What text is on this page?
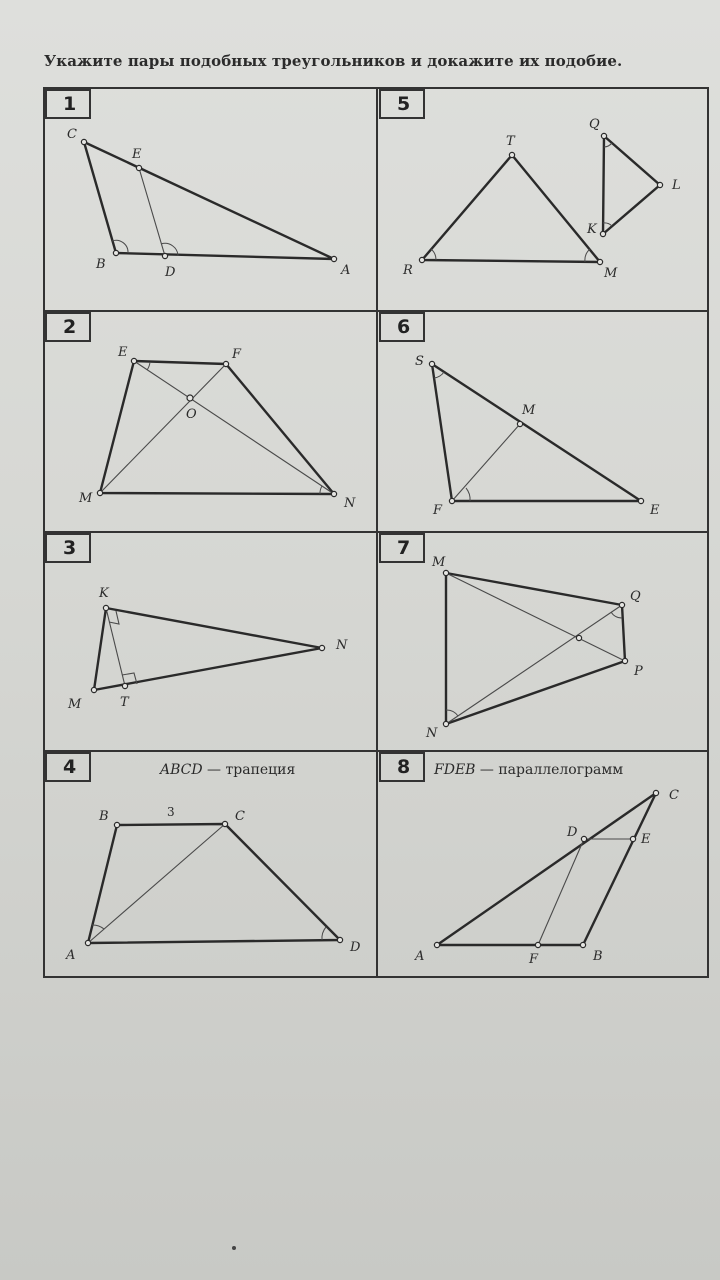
Укажите пары подобных треугольников и докажите их подобие.
1	5
2	6
3	7
4	8
ABCD — трапеция	FDEB — параллелограмм
C
E
B
D	A
T
Q
L
K
R	M
E	F
O
M	N
S
M
F	E
K
N
M	T
M
Q
P
N
B	3	C
A
D
C
D	E
A	F	B
